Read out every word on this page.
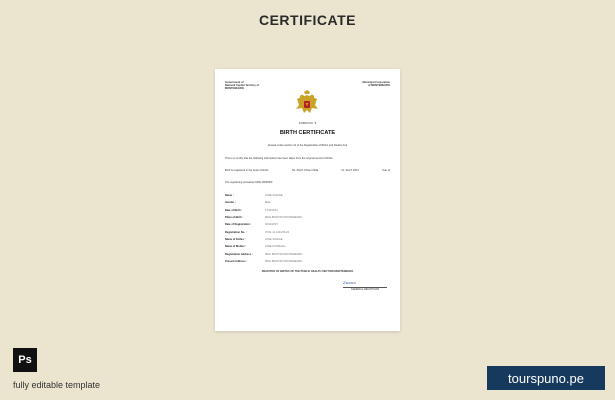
CERTIFICATE
Government of
National Capital Territory of
MONTENEGRO
Municipal Corporation
of MONTENEGRO
FORM NO. 5
BIRTH CERTIFICATE
(Issued under section 12 of the Registration of Births and Deaths Act)
This is to certify that the following information has been taken from the original record of births.
Birth is registered in the book of births	No. 04/27 Ohram 004a	Nr. 21/27 2004	Year of
The registering procedure MNG 0000000
Name :	JANE SAVAGE
Gender :	Male
Date of Birth :	17/11/2014
Place of Birth :	MNG BASTOM MONTENEGRO
Date of Registration :	02/11/2015
Registration No. :	07/21-11 1234-56-22
Name of Father :	JANE SAVAGE
Name of Mother :	JANE KURSHALL
Registration Address :	MNG BASTOM MONTENEGRO
Present Address :	MNG BASTOM MONTENEGRO
REGISTER OF BIRTHS OF THE PUBLIC HEALTH SECTION MONTENEGRO
Zuana
GENERAL REGISTRAR
Ps
fully editable template	tourspuno.pe
